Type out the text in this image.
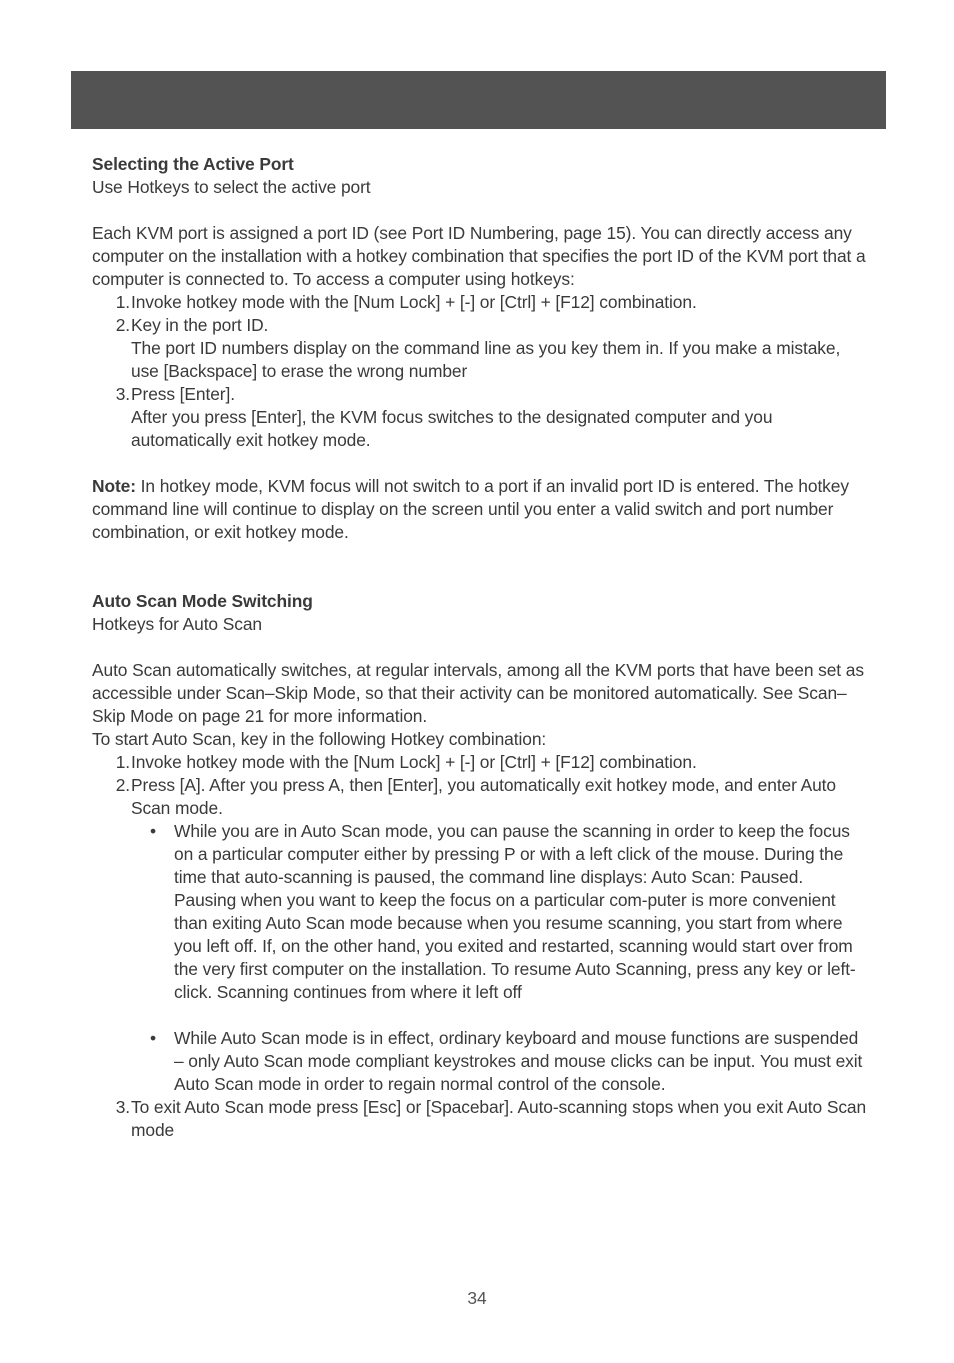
Selecting the Active Port
Use Hotkeys to select the active port
Each KVM port is assigned a port ID (see Port ID Numbering, page 15). You can directly access any computer on the installation with a hotkey combination that specifies the port ID of the KVM port that a computer is connected to. To access a computer using hotkeys:
1. Invoke hotkey mode with the [Num Lock] + [-] or [Ctrl] + [F12] combination.
2. Key in the port ID.
The port ID numbers display on the command line as you key them in. If you make a mistake, use [Backspace] to erase the wrong number
3. Press [Enter].
After you press [Enter], the KVM focus switches to the designated computer and you automatically exit hotkey mode.
Note: In hotkey mode, KVM focus will not switch to a port if an invalid port ID is entered. The hotkey command line will continue to display on the screen until you enter a valid switch and port number combination, or exit hotkey mode.
Auto Scan Mode Switching
Hotkeys for Auto Scan
Auto Scan automatically switches, at regular intervals, among all the KVM ports that have been set as accessible under Scan–Skip Mode, so that their activity can be monitored automatically. See Scan–Skip Mode on page 21 for more information.
To start Auto Scan, key in the following Hotkey combination:
1. Invoke hotkey mode with the [Num Lock] + [-] or [Ctrl] + [F12] combination.
2. Press [A]. After you press A, then [Enter], you automatically exit hotkey mode, and enter Auto Scan mode.
•	While you are in Auto Scan mode, you can pause the scanning in order to keep the focus on a particular computer either by pressing P or with a left click of the mouse. During the time that auto-scanning is paused, the command line displays: Auto Scan: Paused. Pausing when you want to keep the focus on a particular com-puter is more convenient than exiting Auto Scan mode because when you resume scanning, you start from where you left off. If, on the other hand, you exited and restarted, scanning would start over from the very first computer on the installation. To resume Auto Scanning, press any key or left-click. Scanning continues from where it left off
•	While Auto Scan mode is in effect, ordinary keyboard and mouse functions are suspended – only Auto Scan mode compliant keystrokes and mouse clicks can be input. You must exit Auto Scan mode in order to regain normal control of the console.
3. To exit Auto Scan mode press [Esc] or [Spacebar]. Auto-scanning stops when you exit Auto Scan mode
34
